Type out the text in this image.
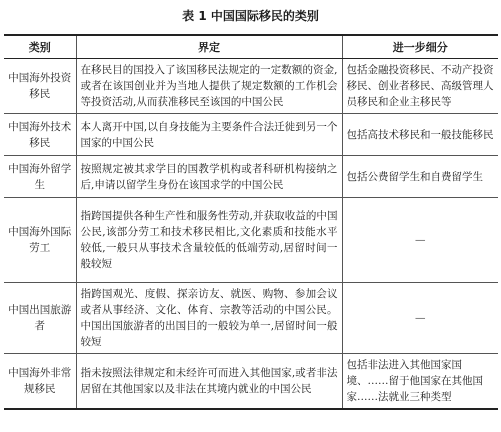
表 1 中国国际移民的类别
类别	界定	进一步细分
中国海外投资移民	在移民目的国投入了该国移民法规定的一定数额的资金,或者在该国创业并为当地人提供了规定数额的工作机会等投资活动,从而获准移民至该国的中国公民	包括金融投资移民、不动产投资移民、创业者移民、高级管理人员移民和企业主移民等
中国海外技术移民	本人离开中国,以自身技能为主要条件合法迁徙到另一个国家的中国公民	包括高技术移民和一般技能移民
中国海外留学生	按照规定被其求学目的国教学机构或者科研机构接纳之后,申请以留学生身份在该国求学的中国公民	包括公费留学生和自费留学生
中国海外国际劳工	指跨国提供各种生产性和服务性劳动,并获取收益的中国公民,该部分劳工和技术移民相比,文化素质和技能水平较低,一般只从事技术含量较低的低端劳动,居留时间一般较短	—
中国出国旅游者	指跨国观光、度假、探亲访友、就医、购物、参加会议或者从事经济、文化、体育、宗教等活动的中国公民。中国出国旅游者的出国目的一般较为单一,居留时间一般较短	—
中国海外非常规移民	指未按照法律规定和未经许可而进入其他国家,或者非法居留在其他国家以及非法在其境内就业的中国公民	包括非法进入其他国家国境、……留于他国家在其他国家……法就业三种类型
